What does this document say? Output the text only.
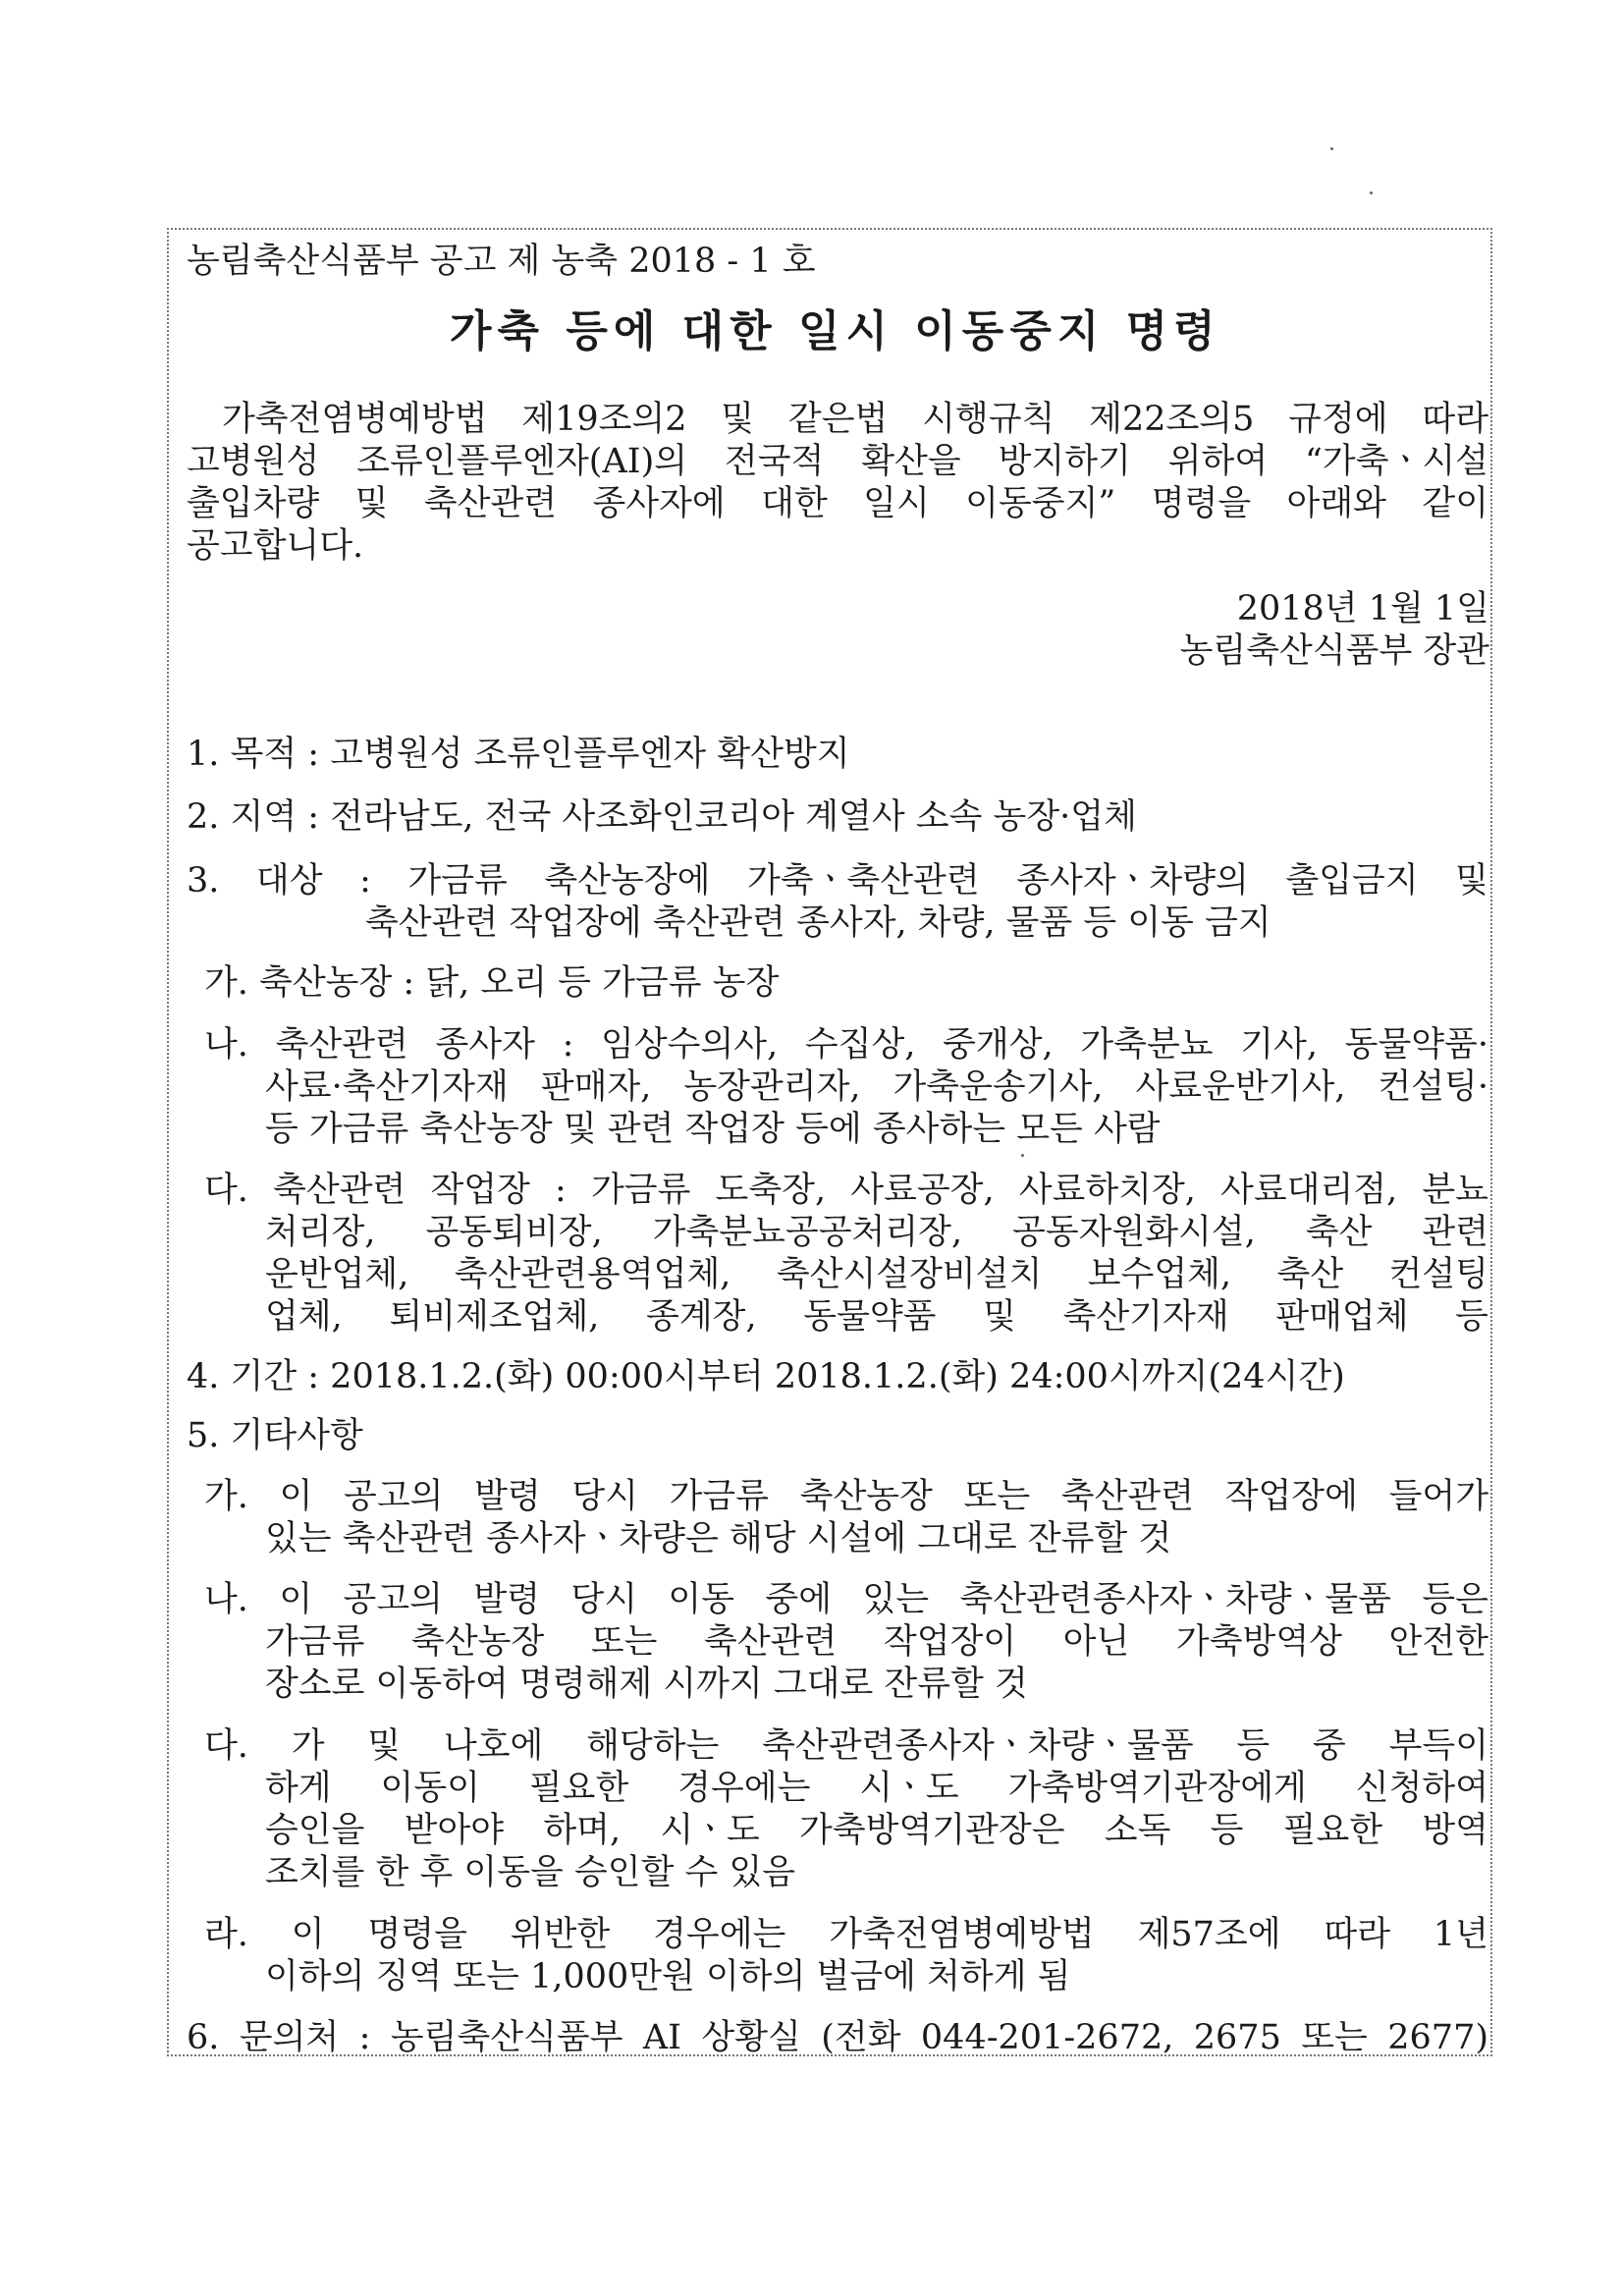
농림축산식품부 공고 제 농축 2018 - 1 호
가축 등에 대한 일시 이동중지 명령
가축전염병예방법 제19조의2 및 같은법 시행규칙 제22조의5 규정에 따라
고병원성 조류인플루엔자(AI)의 전국적 확산을 방지하기 위하여 “가축ㆍ시설
출입차량 및 축산관련 종사자에 대한 일시 이동중지” 명령을 아래와 같이
공고합니다.
2018년 1월 1일
농림축산식품부 장관
1. 목적 : 고병원성 조류인플루엔자 확산방지
2. 지역 : 전라남도, 전국 사조화인코리아 계열사 소속 농장·업체
3. 대상 : 가금류 축산농장에 가축ㆍ축산관련 종사자ㆍ차량의 출입금지 및
축산관련 작업장에 축산관련 종사자, 차량, 물품 등 이동 금지
가. 축산농장 : 닭, 오리 등 가금류 농장
나. 축산관련 종사자 : 임상수의사, 수집상, 중개상, 가축분뇨 기사, 동물약품·
사료·축산기자재 판매자, 농장관리자, 가축운송기사, 사료운반기사, 컨설팅·
등 가금류 축산농장 및 관련 작업장 등에 종사하는 모든 사람
다. 축산관련 작업장 : 가금류 도축장, 사료공장, 사료하치장, 사료대리점, 분뇨
처리장, 공동퇴비장, 가축분뇨공공처리장, 공동자원화시설, 축산 관련
운반업체, 축산관련용역업체, 축산시설장비설치 보수업체, 축산 컨설팅
업체, 퇴비제조업체, 종계장, 동물약품 및 축산기자재 판매업체 등
4. 기간 : 2018.1.2.(화) 00:00시부터 2018.1.2.(화) 24:00시까지(24시간)
5. 기타사항
가. 이 공고의 발령 당시 가금류 축산농장 또는 축산관련 작업장에 들어가
있는 축산관련 종사자ㆍ차량은 해당 시설에 그대로 잔류할 것
나. 이 공고의 발령 당시 이동 중에 있는 축산관련종사자ㆍ차량ㆍ물품 등은
가금류 축산농장 또는 축산관련 작업장이 아닌 가축방역상 안전한
장소로 이동하여 명령해제 시까지 그대로 잔류할 것
다. 가 및 나호에 해당하는 축산관련종사자ㆍ차량ㆍ물품 등 중 부득이
하게 이동이 필요한 경우에는 시ㆍ도 가축방역기관장에게 신청하여
승인을 받아야 하며, 시ㆍ도 가축방역기관장은 소독 등 필요한 방역
조치를 한 후 이동을 승인할 수 있음
라. 이 명령을 위반한 경우에는 가축전염병예방법 제57조에 따라 1년
이하의 징역 또는 1,000만원 이하의 벌금에 처하게 됨
6. 문의처 : 농림축산식품부 AI 상황실 (전화 044-201-2672, 2675 또는 2677)
